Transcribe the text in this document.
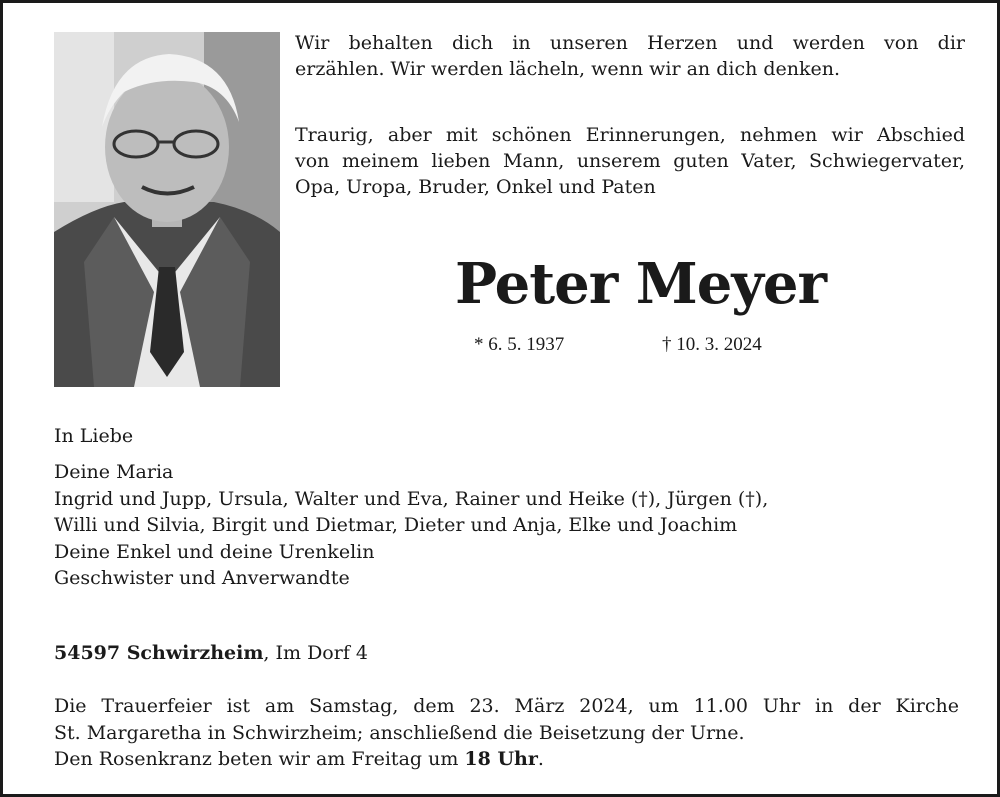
Wir behalten dich in unseren Herzen und werden von dir
erzählen. Wir werden lächeln, wenn wir an dich denken.

Traurig, aber mit schönen Erinnerungen, nehmen wir Abschied
von meinem lieben Mann, unserem guten Vater, Schwiegervater,
Opa, Uropa, Bruder, Onkel und Paten

Peter Meyer
* 6. 5. 1937	† 10. 3. 2024
In Liebe
Deine Maria
Ingrid und Jupp, Ursula, Walter und Eva, Rainer und Heike (†), Jürgen (†),
Willi und Silvia, Birgit und Dietmar, Dieter und Anja, Elke und Joachim
Deine Enkel und deine Urenkelin
Geschwister und Anverwandte
54597 Schwirzheim, Im Dorf 4

Die Trauerfeier ist am Samstag, dem 23. März 2024, um 11.00 Uhr in der Kirche
St. Margaretha in Schwirzheim; anschließend die Beisetzung der Urne.
Den Rosenkranz beten wir am Freitag um 18 Uhr.
